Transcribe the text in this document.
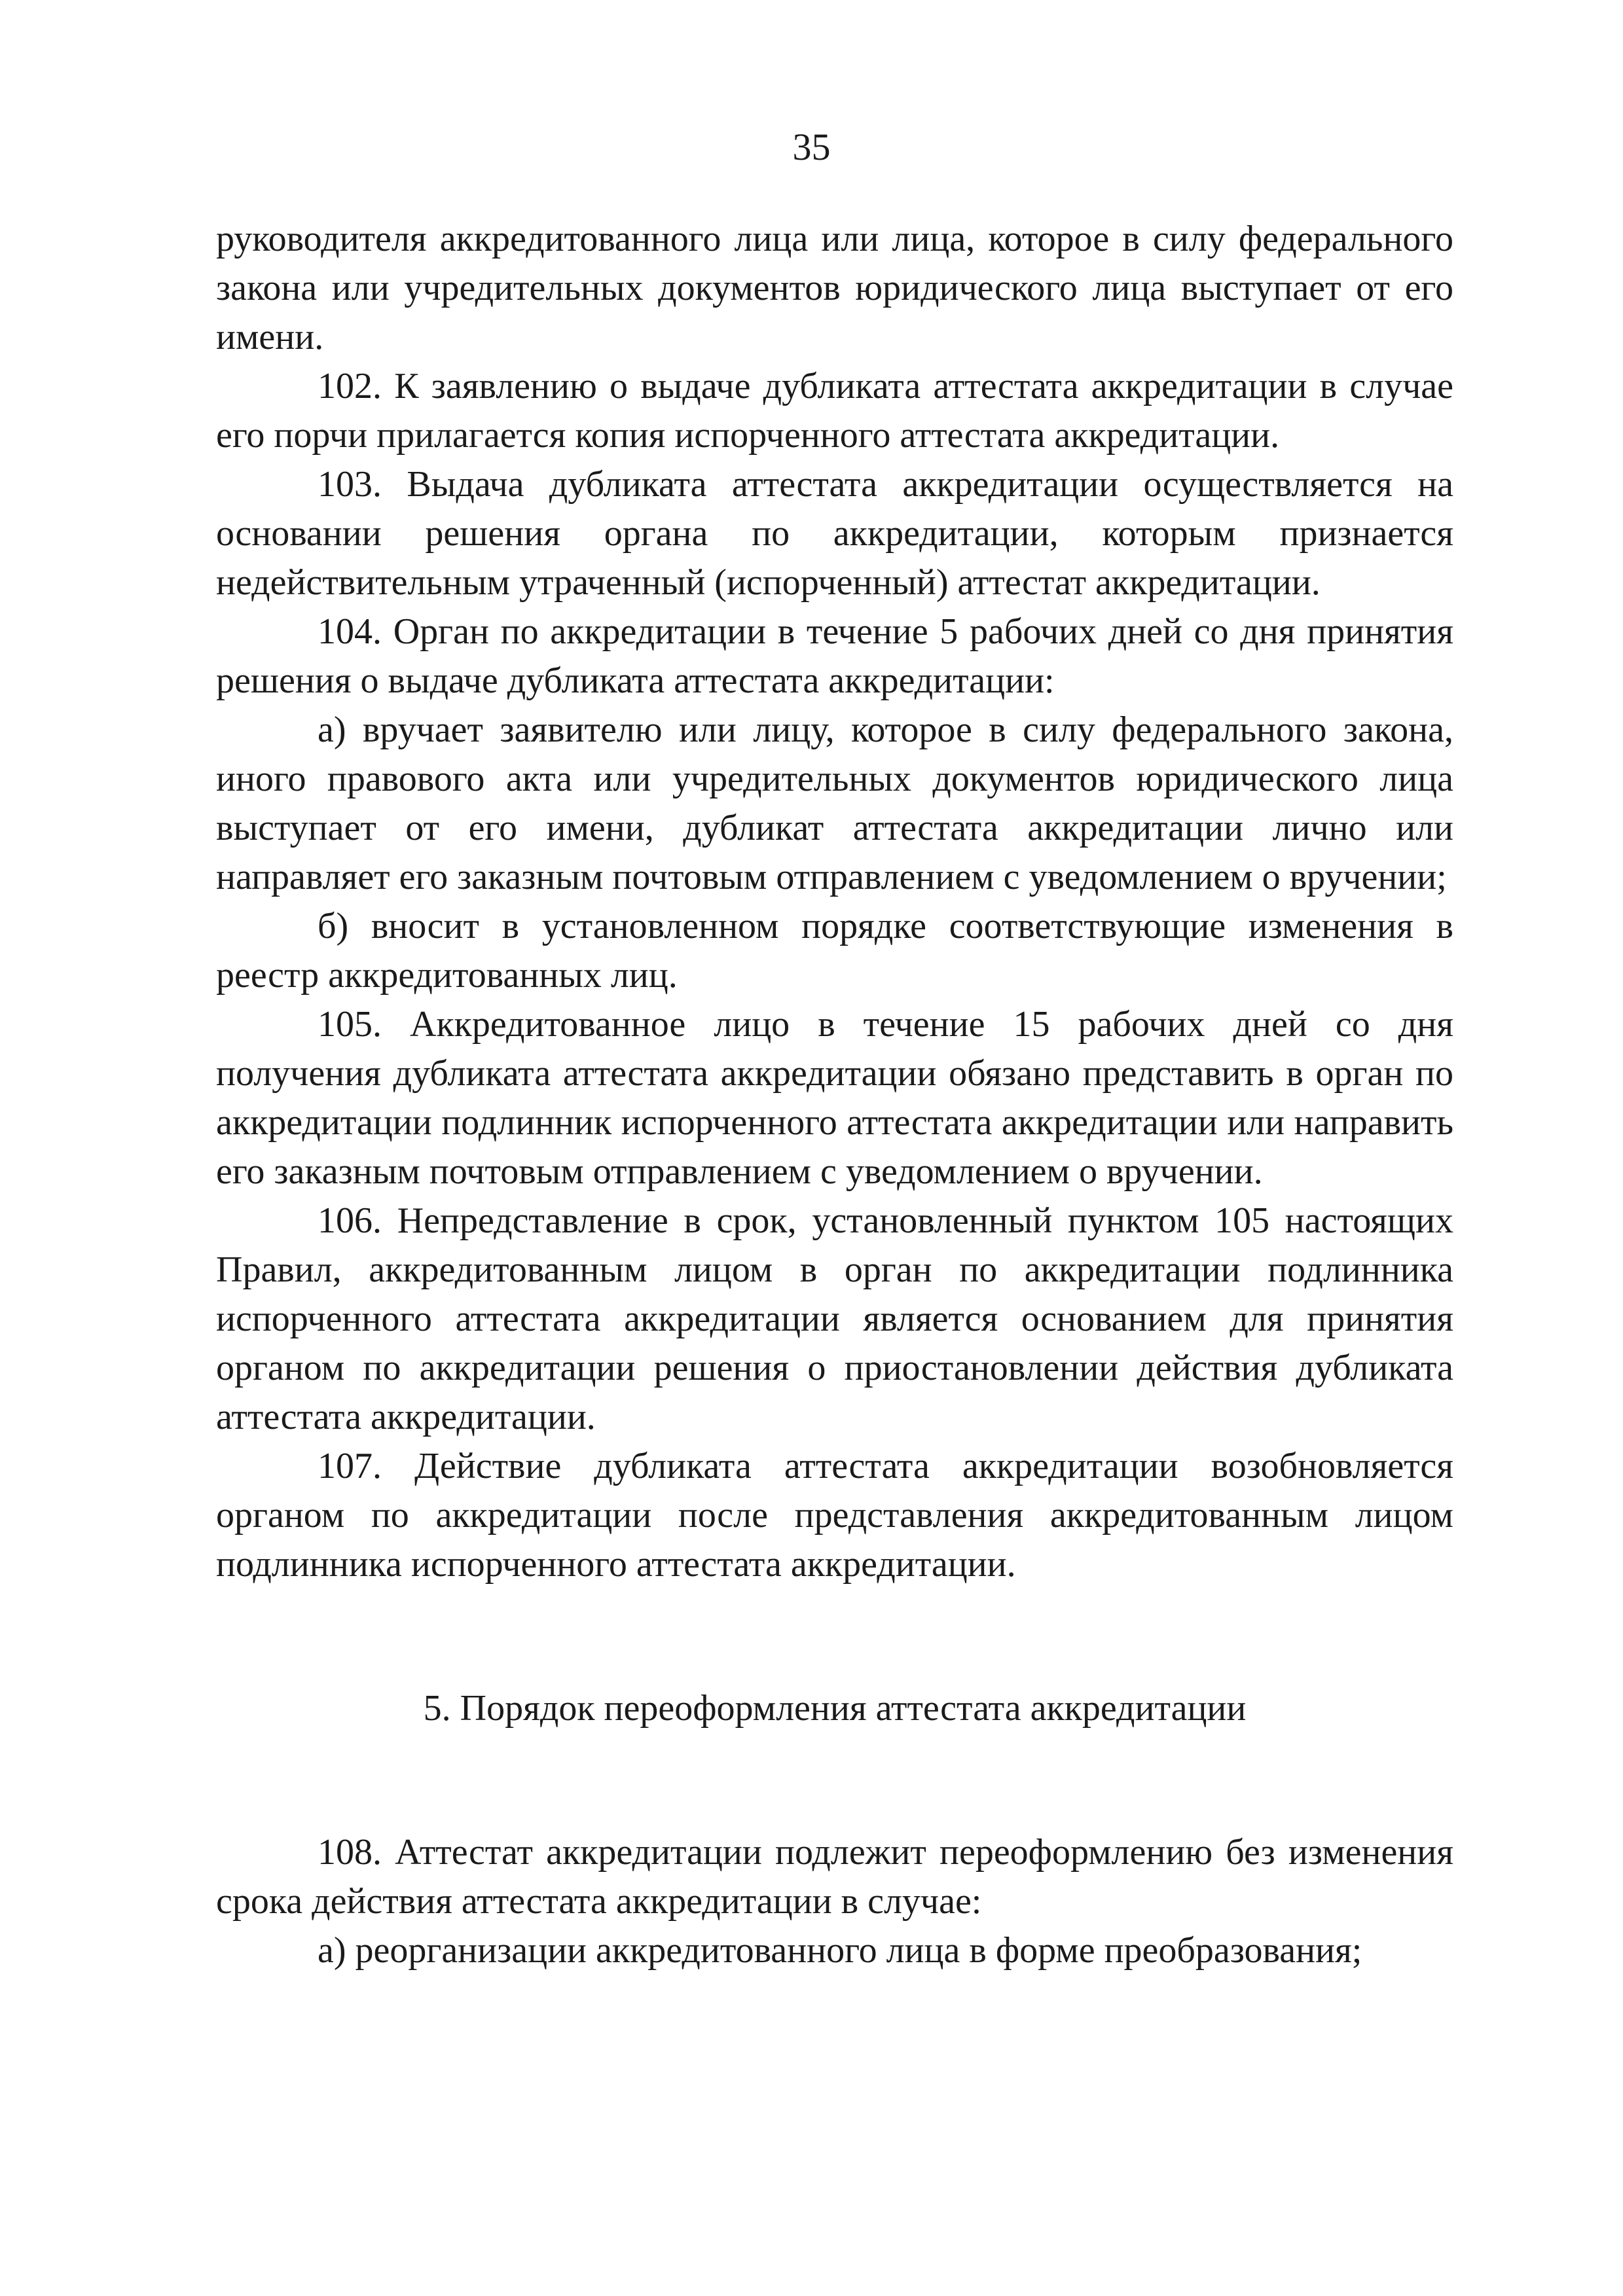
35

руководителя аккредитованного лица или лица, которое в силу федерального закона или учредительных документов юридического лица выступает от его имени.

102. К заявлению о выдаче дубликата аттестата аккредитации в случае его порчи прилагается копия испорченного аттестата аккредитации.

103. Выдача дубликата аттестата аккредитации осуществляется на основании решения органа по аккредитации, которым признается недействительным утраченный (испорченный) аттестат аккредитации.

104. Орган по аккредитации в течение 5 рабочих дней со дня принятия решения о выдаче дубликата аттестата аккредитации:

а) вручает заявителю или лицу, которое в силу федерального закона, иного правового акта или учредительных документов юридического лица выступает от его имени, дубликат аттестата аккредитации лично или направляет его заказным почтовым отправлением с уведомлением о вручении;

б) вносит в установленном порядке соответствующие изменения в реестр аккредитованных лиц.

105. Аккредитованное лицо в течение 15 рабочих дней со дня получения дубликата аттестата аккредитации обязано представить в орган по аккредитации подлинник испорченного аттестата аккредитации или направить его заказным почтовым отправлением с уведомлением о вручении.

106. Непредставление в срок, установленный пунктом 105 настоящих Правил, аккредитованным лицом в орган по аккредитации подлинника испорченного аттестата аккредитации является основанием для принятия органом по аккредитации решения о приостановлении действия дубликата аттестата аккредитации.

107. Действие дубликата аттестата аккредитации возобновляется органом по аккредитации после представления аккредитованным лицом подлинника испорченного аттестата аккредитации.

5. Порядок переоформления аттестата аккредитации

108. Аттестат аккредитации подлежит переоформлению без изменения срока действия аттестата аккредитации в случае:

а) реорганизации аккредитованного лица в форме преобразования;
